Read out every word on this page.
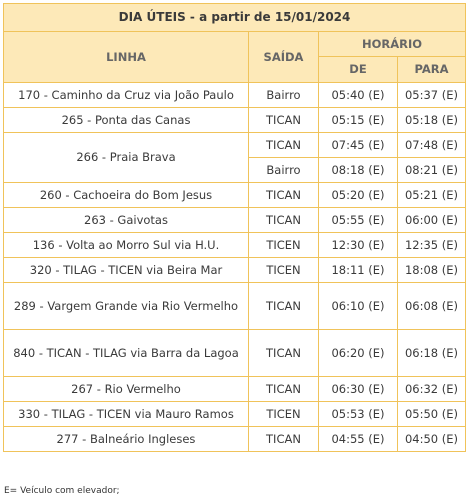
DIA ÚTEIS - a partir de 15/01/2024			
LINHA	SAÍDA	HORÁRIO	
		DE	PARA
170 - Caminho da Cruz via João Paulo	Bairro	05:40 (E)	05:37 (E)
265 - Ponta das Canas	TICAN	05:15 (E)	05:18 (E)
266 - Praia Brava	TICAN	07:45 (E)	07:48 (E)
	Bairro	08:18 (E)	08:21 (E)
260 - Cachoeira do Bom Jesus	TICAN	05:20 (E)	05:21 (E)
263 - Gaivotas	TICAN	05:55 (E)	06:00 (E)
136 - Volta ao Morro Sul via H.U.	TICEN	12:30 (E)	12:35 (E)
320 - TILAG - TICEN via Beira Mar	TICEN	18:11 (E)	18:08 (E)
289 - Vargem Grande via Rio Vermelho	TICAN	06:10 (E)	06:08 (E)
840 - TICAN - TILAG via Barra da Lagoa	TICAN	06:20 (E)	06:18 (E)
267 - Rio Vermelho	TICAN	06:30 (E)	06:32 (E)
330 - TILAG - TICEN via Mauro Ramos	TICEN	05:53 (E)	05:50 (E)
277 - Balneário Ingleses	TICAN	04:55 (E)	04:50 (E)
E= Veículo com elevador;
